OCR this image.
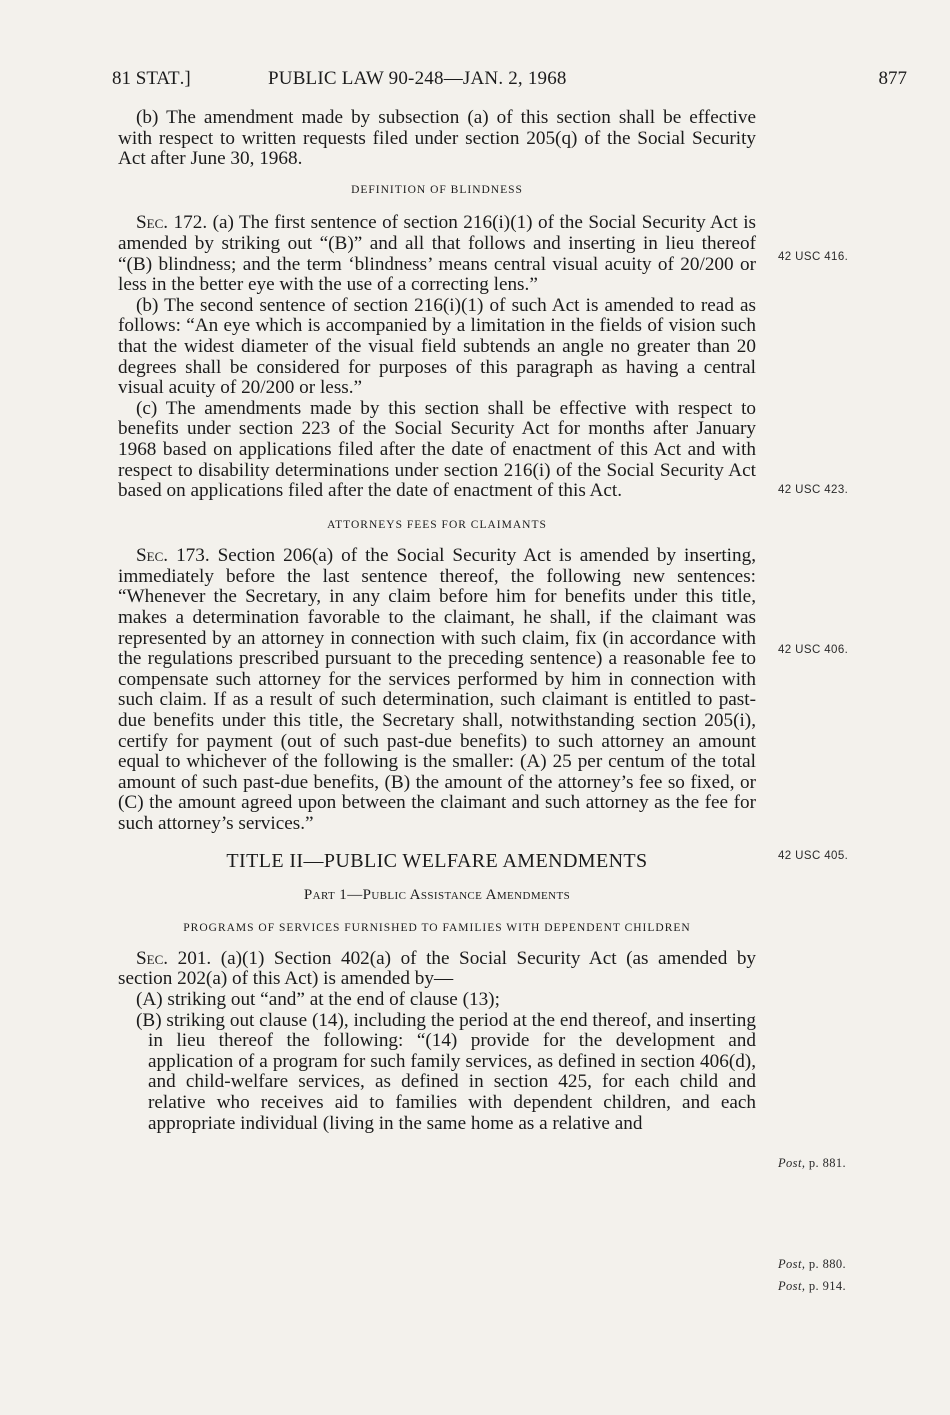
81 STAT.]	PUBLIC LAW 90-248—JAN. 2, 1968	877

(b) The amendment made by subsection (a) of this section shall be effective with respect to written requests filed under section 205(q) of the Social Security Act after June 30, 1968.

DEFINITION OF BLINDNESS

Sec. 172. (a) The first sentence of section 216(i)(1) of the Social Security Act is amended by striking out “(B)” and all that follows and inserting in lieu thereof “(B) blindness; and the term ‘blindness’ means central visual acuity of 20/200 or less in the better eye with the use of a correcting lens.”

(b) The second sentence of section 216(i)(1) of such Act is amended to read as follows: “An eye which is accompanied by a limitation in the fields of vision such that the widest diameter of the visual field subtends an angle no greater than 20 degrees shall be considered for purposes of this paragraph as having a central visual acuity of 20/200 or less.”

(c) The amendments made by this section shall be effective with respect to benefits under section 223 of the Social Security Act for months after January 1968 based on applications filed after the date of enactment of this Act and with respect to disability determinations under section 216(i) of the Social Security Act based on applications filed after the date of enactment of this Act.

ATTORNEYS FEES FOR CLAIMANTS

Sec. 173. Section 206(a) of the Social Security Act is amended by inserting, immediately before the last sentence thereof, the following new sentences: “Whenever the Secretary, in any claim before him for benefits under this title, makes a determination favorable to the claimant, he shall, if the claimant was represented by an attorney in connection with such claim, fix (in accordance with the regulations prescribed pursuant to the preceding sentence) a reasonable fee to compensate such attorney for the services performed by him in connection with such claim. If as a result of such determination, such claimant is entitled to past-due benefits under this title, the Secretary shall, notwithstanding section 205(i), certify for payment (out of such past-due benefits) to such attorney an amount equal to whichever of the following is the smaller: (A) 25 per centum of the total amount of such past-due benefits, (B) the amount of the attorney’s fee so fixed, or (C) the amount agreed upon between the claimant and such attorney as the fee for such attorney’s services.”

TITLE II—PUBLIC WELFARE AMENDMENTS
Part 1—Public Assistance Amendments
PROGRAMS OF SERVICES FURNISHED TO FAMILIES WITH DEPENDENT CHILDREN

Sec. 201. (a)(1) Section 402(a) of the Social Security Act (as amended by section 202(a) of this Act) is amended by—

(A) striking out “and” at the end of clause (13);

(B) striking out clause (14), including the period at the end thereof, and inserting in lieu thereof the following: “(14) provide for the development and application of a program for such family services, as defined in section 406(d), and child-welfare services, as defined in section 425, for each child and relative who receives aid to families with dependent children, and each appropriate individual (living in the same home as a relative and

42 USC 416.
42 USC 423.
42 USC 406.
42 USC 405.
Post, p. 881.
Post, p. 880.
Post, p. 914.
